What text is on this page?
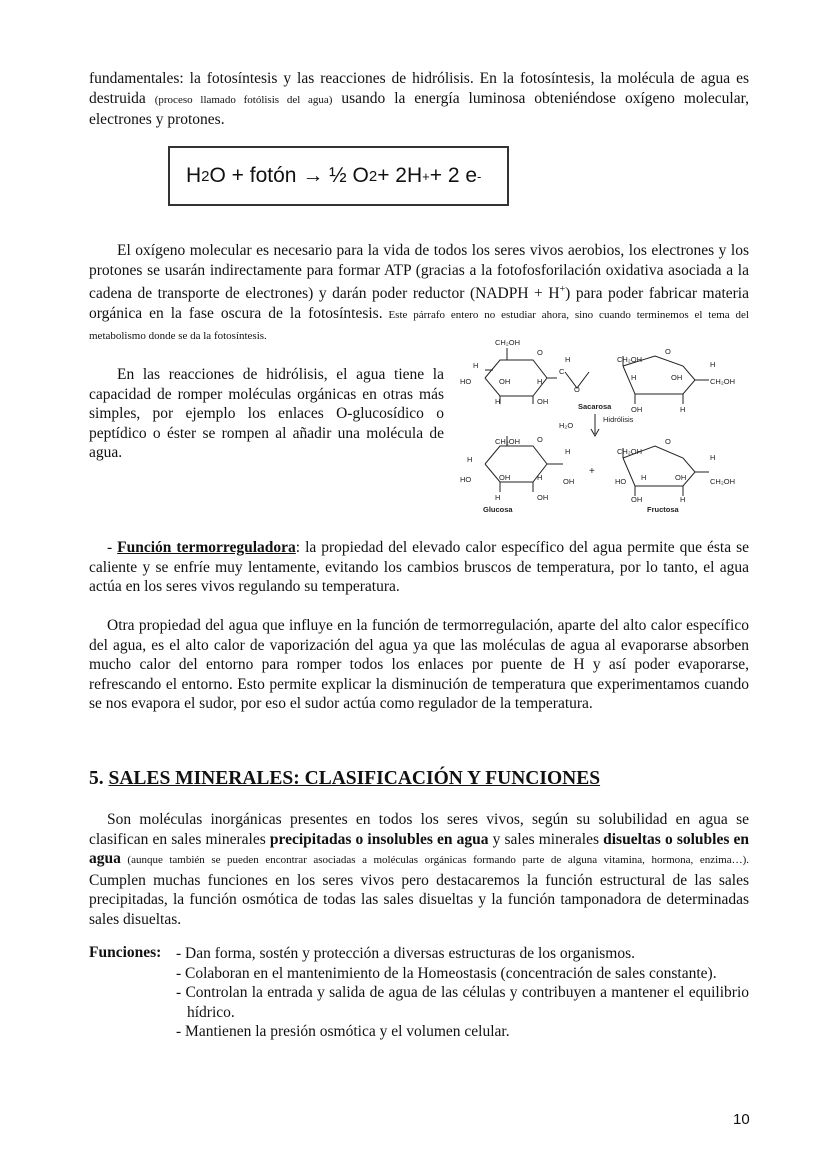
fundamentales: la fotosíntesis y las reacciones de hidrólisis. En la fotosíntesis, la molécula de agua es destruida (proceso llamado fotólisis del agua) usando la energía luminosa obteniéndose oxígeno molecular, electrones y protones.

H 2 O + fotón → ½ O 2 + 2H + + 2 e -

El oxígeno molecular es necesario para la vida de todos los seres vivos aerobios, los electrones y los protones se usarán indirectamente para formar ATP (gracias a la fotofosforilación oxidativa asociada a la cadena de transporte de electrones) y darán poder reductor (NADPH + H+) para poder fabricar materia orgánica en la fase oscura de la fotosíntesis. Este párrafo entero no estudiar ahora, sino cuando terminemos el tema del metabolismo donde se da la fotosíntesis.

En las reacciones de hidrólisis, el agua tiene la capacidad de romper moléculas orgánicas en otras más simples, por ejemplo los enlaces O-glucosídico o peptídico o éster se rompen al añadir una molécula de agua.

CH₂OH
O
H
H
HO	OH	H
C
H	OH
O
CH₂OH
O
H
H	OH	CH₂OH
OH	H
Sacarosa
H₂O
Hidrólisis
CH₂OH O
H
H
HO	OH	H	OH
H	OH
Glucosa
+
CH₂OH
O
H
HO H	OH	CH₂OH
OH	H
Fructosa

- Función termorreguladora: la propiedad del elevado calor específico del agua permite que ésta se caliente y se enfríe muy lentamente, evitando los cambios bruscos de temperatura, por lo tanto, el agua actúa en los seres vivos regulando su temperatura.

Otra propiedad del agua que influye en la función de termorregulación, aparte del alto calor específico del agua, es el alto calor de vaporización del agua ya que las moléculas de agua al evaporarse absorben mucho calor del entorno para romper todos los enlaces por puente de H y así poder evaporarse, refrescando el entorno. Esto permite explicar la disminución de temperatura que experimentamos cuando se nos evapora el sudor, por eso el sudor actúa como regulador de la temperatura.

5. SALES MINERALES: CLASIFICACIÓN Y FUNCIONES

Son moléculas inorgánicas presentes en todos los seres vivos, según su solubilidad en agua se clasifican en sales minerales precipitadas o insolubles en agua y sales minerales disueltas o solubles en agua (aunque también se pueden encontrar asociadas a moléculas orgánicas formando parte de alguna vitamina, hormona, enzima…). Cumplen muchas funciones en los seres vivos pero destacaremos la función estructural de las sales precipitadas, la función osmótica de todas las sales disueltas y la función tamponadora de determinadas sales disueltas.

Funciones: - Dan forma, sostén y protección a diversas estructuras de los organismos.

- Colaboran en el mantenimiento de la Homeostasis (concentración de sales constante).

- Controlan la entrada y salida de agua de las células y contribuyen a mantener el equilibrio hídrico.

- Mantienen la presión osmótica y el volumen celular.

10
